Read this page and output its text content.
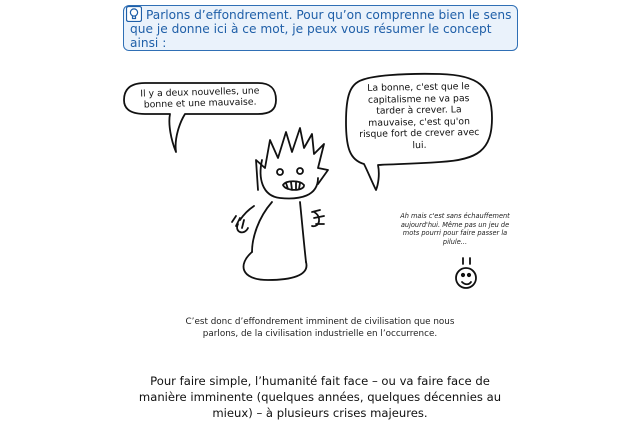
Parlons d’effondrement. Pour qu’on comprenne bien le sens que je donne ici à ce mot, je peux vous résumer le concept ainsi :
Il y a deux nouvelles, une bonne et une mauvaise.
La bonne, c'est que le capitalisme ne va pas tarder à crever. La mauvaise, c'est qu'on risque fort de crever avec lui.
Ah mais c'est sans échauffement aujourd'hui. Même pas un jeu de mots pourri pour faire passer la pilule...
C’est donc d’effondrement imminent de civilisation que nous parlons, de la civilisation industrielle en l’occurrence.
Pour faire simple, l’humanité fait face – ou va faire face de manière imminente (quelques années, quelques décennies au mieux) – à plusieurs crises majeures.
